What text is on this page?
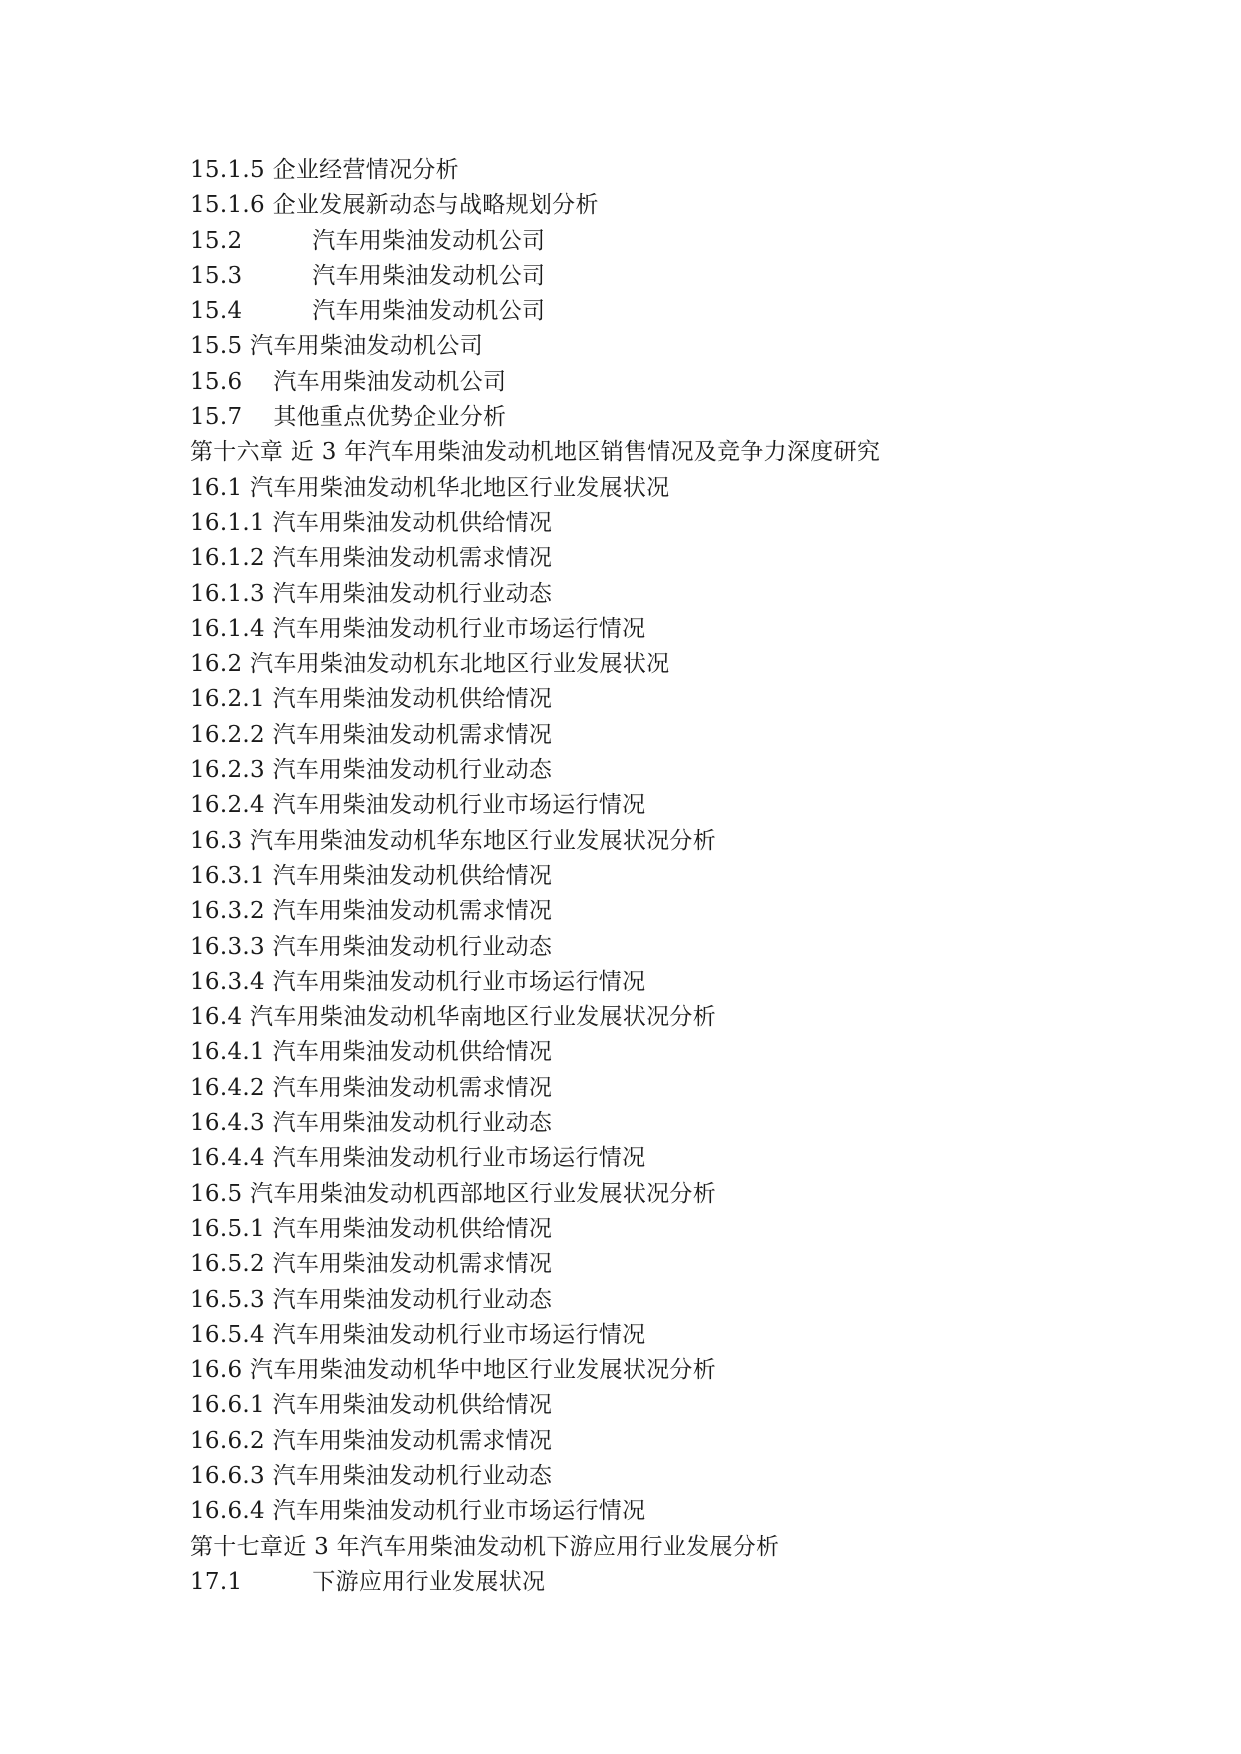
15.1.5 企业经营情况分析
15.1.6 企业发展新动态与战略规划分析
15.2　　　汽车用柴油发动机公司
15.3　　　汽车用柴油发动机公司
15.4　　　汽车用柴油发动机公司
15.5 汽车用柴油发动机公司
15.6　 汽车用柴油发动机公司
15.7　 其他重点优势企业分析
第十六章 近 3 年汽车用柴油发动机地区销售情况及竞争力深度研究
16.1 汽车用柴油发动机华北地区行业发展状况
16.1.1 汽车用柴油发动机供给情况
16.1.2 汽车用柴油发动机需求情况
16.1.3 汽车用柴油发动机行业动态
16.1.4 汽车用柴油发动机行业市场运行情况
16.2 汽车用柴油发动机东北地区行业发展状况
16.2.1 汽车用柴油发动机供给情况
16.2.2 汽车用柴油发动机需求情况
16.2.3 汽车用柴油发动机行业动态
16.2.4 汽车用柴油发动机行业市场运行情况
16.3 汽车用柴油发动机华东地区行业发展状况分析
16.3.1 汽车用柴油发动机供给情况
16.3.2 汽车用柴油发动机需求情况
16.3.3 汽车用柴油发动机行业动态
16.3.4 汽车用柴油发动机行业市场运行情况
16.4 汽车用柴油发动机华南地区行业发展状况分析
16.4.1 汽车用柴油发动机供给情况
16.4.2 汽车用柴油发动机需求情况
16.4.3 汽车用柴油发动机行业动态
16.4.4 汽车用柴油发动机行业市场运行情况
16.5 汽车用柴油发动机西部地区行业发展状况分析
16.5.1 汽车用柴油发动机供给情况
16.5.2 汽车用柴油发动机需求情况
16.5.3 汽车用柴油发动机行业动态
16.5.4 汽车用柴油发动机行业市场运行情况
16.6 汽车用柴油发动机华中地区行业发展状况分析
16.6.1 汽车用柴油发动机供给情况
16.6.2 汽车用柴油发动机需求情况
16.6.3 汽车用柴油发动机行业动态
16.6.4 汽车用柴油发动机行业市场运行情况
第十七章近 3 年汽车用柴油发动机下游应用行业发展分析
17.1　　　下游应用行业发展状况
